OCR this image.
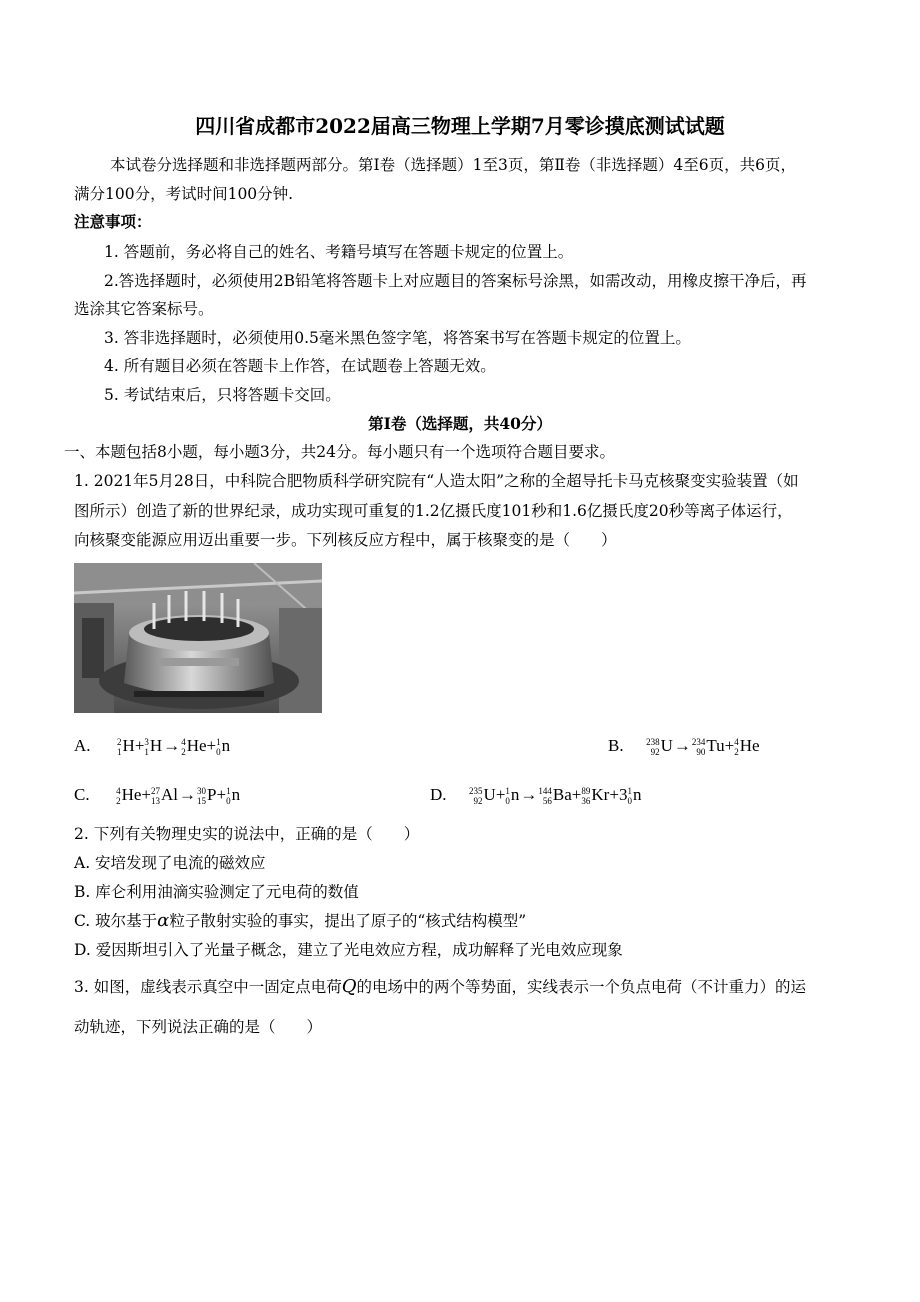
四川省成都市2022届高三物理上学期7月零诊摸底测试试题
本试卷分选择题和非选择题两部分。第Ⅰ卷（选择题）1至3页，第Ⅱ卷（非选择题）4至6页，共6页，
满分100分，考试时间100分钟.
注意事项：
1. 答题前，务必将自己的姓名、考籍号填写在答题卡规定的位置上。
2.答选择题时，必须使用2B铅笔将答题卡上对应题目的答案标号涂黑，如需改动，用橡皮擦干净后，再
选涂其它答案标号。
3. 答非选择题时，必须使用0.5毫米黑色签字笔，将答案书写在答题卡规定的位置上。
4. 所有题目必须在答题卡上作答，在试题卷上答题无效。
5. 考试结束后，只将答题卡交回。
第Ⅰ卷（选择题，共40分）
一、本题包括8小题，每小题3分，共24分。每小题只有一个选项符合题目要求。
1. 2021年5月28日，中科院合肥物质科学研究院有“人造太阳”之称的全超导托卡马克核聚变实验装置（如
图所示）创造了新的世界纪录，成功实现可重复的1.2亿摄氏度101秒和1.6亿摄氏度20秒等离子体运行，
向核聚变能源应用迈出重要一步。下列核反应方程中，属于核聚变的是（　　）
A.	2
1 H+ 3
1 H→ 4
2 He+ 1
0 n	B.	238
92 U→ 234
90 Tu+ 4
2 He
C.	4
2 He+ 27
13 Al→ 30
15 P+ 1
0 n	D.	235
92 U+ 1
0 n→ 144
56 Ba+ 89
36 Kr+3 1
0 n
2. 下列有关物理史实的说法中，正确的是（　　）
A. 安培发现了电流的磁效应
B. 库仑利用油滴实验测定了元电荷的数值
C. 玻尔基于α粒子散射实验的事实，提出了原子的“核式结构模型”
D. 爱因斯坦引入了光量子概念，建立了光电效应方程，成功解释了光电效应现象
3. 如图，虚线表示真空中一固定点电荷Q的电场中的两个等势面，实线表示一个负点电荷（不计重力）的运
动轨迹，下列说法正确的是（　　）
